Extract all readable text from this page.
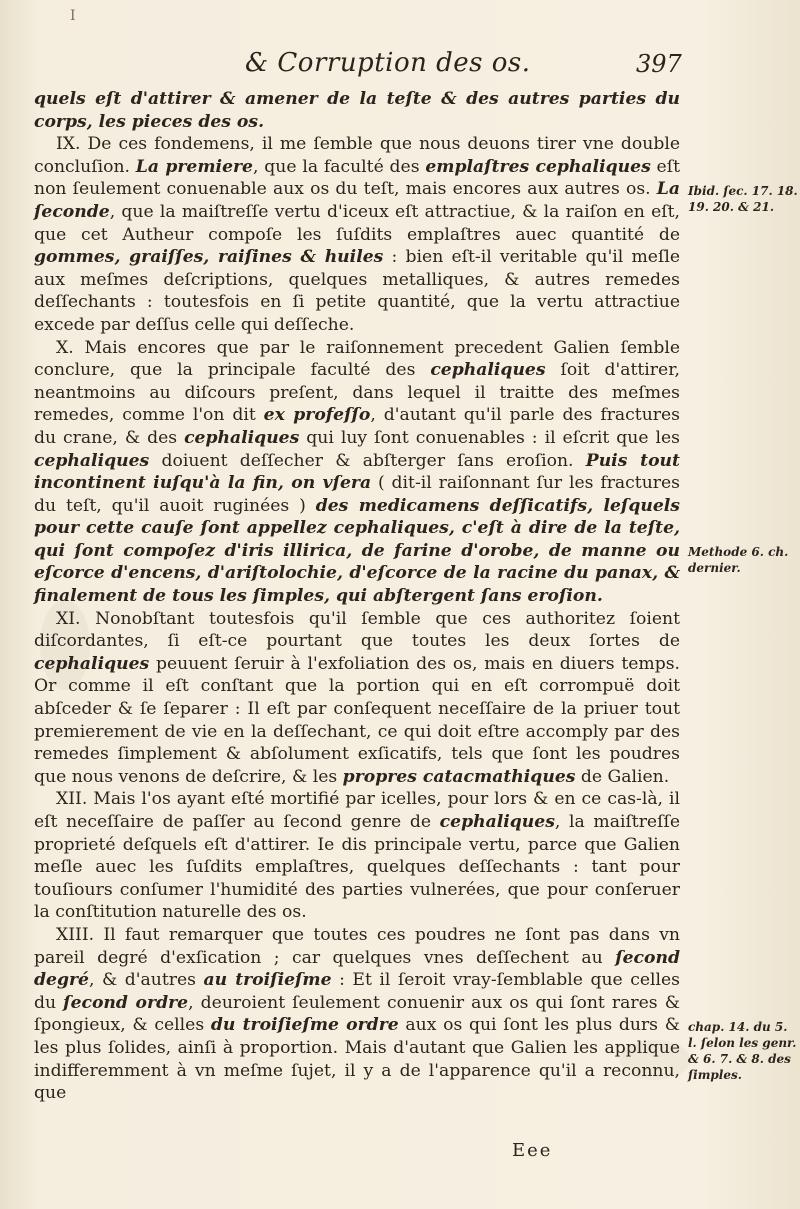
I
& Corruption des os.	397

quels eſt d'attirer & amener de la teſte & des autres parties du corps, les pieces des os.

IX. De ces fondemens, il me ſemble que nous deuons tirer vne double concluſion. La premiere, que la faculté des emplaſtres cephaliques eſt non ſeulement conuenable aux os du teſt, mais encores aux autres os. La ſeconde, que la maiſtreſſe vertu d'iceux eſt attractiue, & la raiſon en eſt, que cet Autheur compoſe les ſuſdits emplaſtres auec quantité de gommes, graiſſes, raiſines & huiles : bien eſt-il veritable qu'il meſle aux meſmes deſcriptions, quelques metalliques, & autres remedes deſſechants : toutesfois en ſi petite quantité, que la vertu attractiue excede par deſſus celle qui deſſeche.

X. Mais encores que par le raiſonnement precedent Galien ſemble conclure, que la principale faculté des cephaliques ſoit d'attirer, neantmoins au diſcours preſent, dans lequel il traitte des meſmes remedes, comme l'on dit ex profeſſo, d'autant qu'il parle des fractures du crane, & des cephaliques qui luy ſont conuenables : il eſcrit que les cephaliques doiuent deſſecher & abſterger ſans eroſion. Puis tout incontinent iuſqu'à la fin, on vſera ( dit-il raiſonnant ſur les fractures du teſt, qu'il auoit ruginées ) des medicamens deſſicatifs, leſquels pour cette cauſe ſont appellez cephaliques, c'eſt à dire de la teſte, qui ſont compoſez d'iris illirica, de farine d'orobe, de manne ou eſcorce d'encens, d'ariſtolochie, d'eſcorce de la racine du panax, & finalement de tous les ſimples, qui abſtergent ſans eroſion.

XI. Nonobſtant toutesfois qu'il ſemble que ces authoritez ſoient diſcordantes, ſi eſt-ce pourtant que toutes les deux ſortes de cephaliques peuuent ſeruir à l'exfoliation des os, mais en diuers temps. Or comme il eſt conſtant que la portion qui en eſt corrompuë doit abſceder & ſe ſeparer : Il eſt par conſequent neceſſaire de la priuer tout premierement de vie en la deſſechant, ce qui doit eſtre accomply par des remedes ſimplement & abſolument exſicatifs, tels que ſont les poudres que nous venons de deſcrire, & les propres catacmathiques de Galien.

XII. Mais l'os ayant eſté mortifié par icelles, pour lors & en ce cas-là, il eſt neceſſaire de paſſer au ſecond genre de cephaliques, la maiſtreſſe proprieté deſquels eſt d'attirer. Ie dis principale vertu, parce que Galien meſle auec les ſuſdits emplaſtres, quelques deſſechants : tant pour touſiours conſumer l'humidité des parties vulnerées, que pour conſeruer la conſtitution naturelle des os.

XIII. Il faut remarquer que toutes ces poudres ne ſont pas dans vn pareil degré d'exſication ; car quelques vnes deſſechent au ſecond degré, & d'autres au troiſieſme : Et il ſeroit vray-ſemblable que celles du ſecond ordre, deuroient ſeulement conuenir aux os qui ſont rares & ſpongieux, & celles du troiſieſme ordre aux os qui ſont les plus durs & les plus ſolides, ainſi à proportion. Mais d'autant que Galien les applique indifferemment à vn meſme ſujet, il y a de l'apparence qu'il a reconnu, que

Ibid. ſec. 17. 18. 19. 20. & 21.
Methode 6. ch. dernier.
chap. 14. du 5. l. ſelon les genr. & 6. 7. & 8. des ſimples.
Eee
